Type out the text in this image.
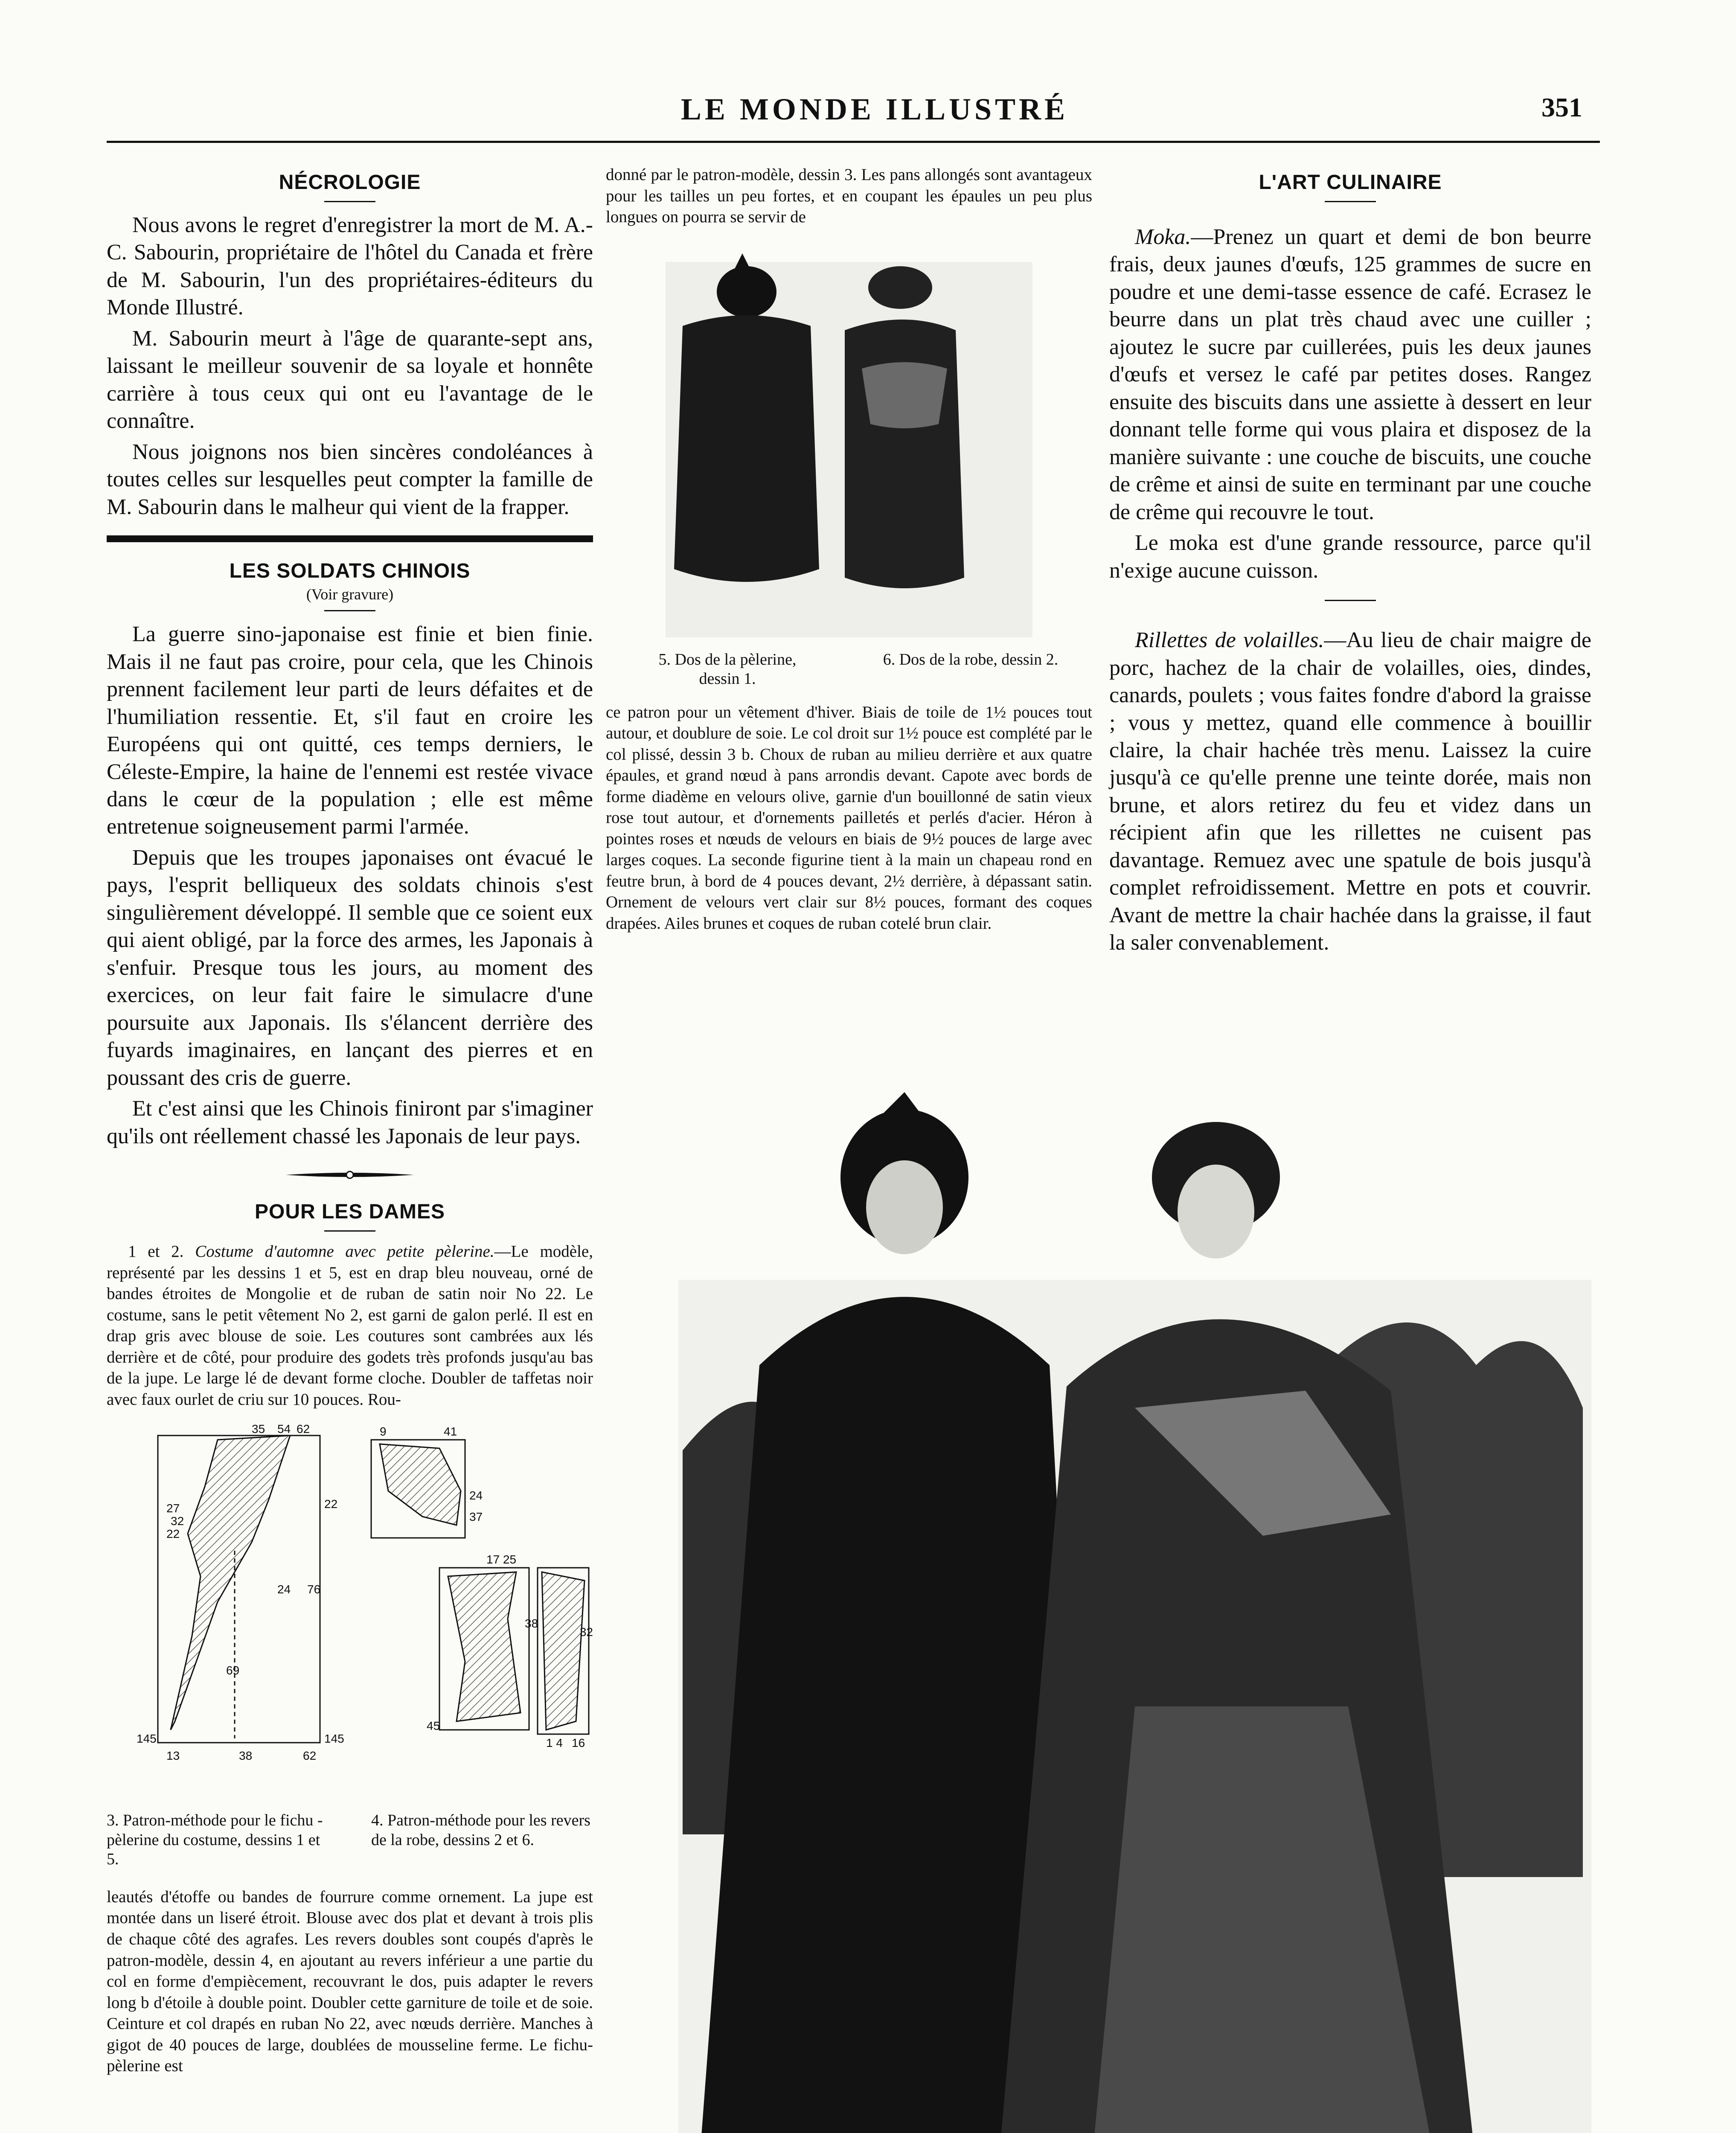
LE MONDE ILLUSTRÉ	351
NÉCROLOGIE

Nous avons le regret d'enregistrer la mort de M. A.-C. Sabourin, propriétaire de l'hôtel du Canada et frère de M. Sabourin, l'un des propriétaires-éditeurs du Monde Illustré.

M. Sabourin meurt à l'âge de quarante-sept ans, laissant le meilleur souvenir de sa loyale et honnête carrière à tous ceux qui ont eu l'avantage de le connaître.

Nous joignons nos bien sincères condoléances à toutes celles sur lesquelles peut compter la famille de M. Sabourin dans le malheur qui vient de la frapper.

LES SOLDATS CHINOIS
(Voir gravure)

La guerre sino-japonaise est finie et bien finie. Mais il ne faut pas croire, pour cela, que les Chinois prennent facilement leur parti de leurs défaites et de l'humiliation ressentie. Et, s'il faut en croire les Européens qui ont quitté, ces temps derniers, le Céleste-Empire, la haine de l'ennemi est restée vivace dans le cœur de la population ; elle est même entretenue soigneusement parmi l'armée.

Depuis que les troupes japonaises ont évacué le pays, l'esprit belliqueux des soldats chinois s'est singulièrement développé. Il semble que ce soient eux qui aient obligé, par la force des armes, les Japonais à s'enfuir. Presque tous les jours, au moment des exercices, on leur fait faire le simulacre d'une poursuite aux Japonais. Ils s'élancent derrière des fuyards imaginaires, en lançant des pierres et en poussant des cris de guerre.

Et c'est ainsi que les Chinois finiront par s'imaginer qu'ils ont réellement chassé les Japonais de leur pays.

POUR LES DAMES

1 et 2. Costume d'automne avec petite pèlerine.—Le modèle, représenté par les dessins 1 et 5, est en drap bleu nouveau, orné de bandes étroites de Mongolie et de ruban de satin noir No 22. Le costume, sans le petit vêtement No 2, est garni de galon perlé. Il est en drap gris avec blouse de soie. Les coutures sont cambrées aux lés derrière et de côté, pour produire des godets très profonds jusqu'au bas de la jupe. Le large lé de devant forme cloche. Doubler de taffetas noir avec faux ourlet de criu sur 10 pouces. Rou-

35 54 62	9	41
27
32
22
22
24
37
24 76
69
145	145
13	38	62
17 25
38
45
32
1 4 16
3. Patron-méthode pour le fichu - pèlerine du costume, dessins 1 et 5.
4. Patron-méthode pour les revers de la robe, dessins 2 et 6.

leautés d'étoffe ou bandes de fourrure comme ornement. La jupe est montée dans un liseré étroit. Blouse avec dos plat et devant à trois plis de chaque côté des agrafes. Les revers doubles sont coupés d'après le patron-modèle, dessin 4, en ajoutant au revers inférieur a une partie du col en forme d'empiècement, recouvrant le dos, puis adapter le revers long b d'étoile à double point. Doubler cette garniture de toile et de soie. Ceinture et col drapés en ruban No 22, avec nœuds derrière. Manches à gigot de 40 pouces de large, doublées de mousseline ferme. Le fichu-pèlerine est

donné par le patron-modèle, dessin 3. Les pans allongés sont avantageux pour les tailles un peu fortes, et en coupant les épaules un peu plus longues on pourra se servir de

5. Dos de la pèlerine, dessin 1.
6. Dos de la robe, dessin 2.

ce patron pour un vêtement d'hiver. Biais de toile de 1½ pouces tout autour, et doublure de soie. Le col droit sur 1½ pouce est complété par le col plissé, dessin 3 b. Choux de ruban au milieu derrière et aux quatre épaules, et grand nœud à pans arrondis devant. Capote avec bords de forme diadème en velours olive, garnie d'un bouillonné de satin vieux rose tout autour, et d'ornements pailletés et perlés d'acier. Héron à pointes roses et nœuds de velours en biais de 9½ pouces de large avec larges coques. La seconde figurine tient à la main un chapeau rond en feutre brun, à bord de 4 pouces devant, 2½ derrière, à dépassant satin. Ornement de velours vert clair sur 8½ pouces, formant des coques drapées. Ailes brunes et coques de ruban cotelé brun clair.

L'ART CULINAIRE

Moka.—Prenez un quart et demi de bon beurre frais, deux jaunes d'œufs, 125 grammes de sucre en poudre et une demi-tasse essence de café. Ecrasez le beurre dans un plat très chaud avec une cuiller ; ajoutez le sucre par cuillerées, puis les deux jaunes d'œufs et versez le café par petites doses. Rangez ensuite des biscuits dans une assiette à dessert en leur donnant telle forme qui vous plaira et disposez de la manière suivante : une couche de biscuits, une couche de crême et ainsi de suite en terminant par une couche de crême qui recouvre le tout.

Le moka est d'une grande ressource, parce qu'il n'exige aucune cuisson.

Rillettes de volailles.—Au lieu de chair maigre de porc, hachez de la chair de volailles, oies, dindes, canards, poulets ; vous faites fondre d'abord la graisse ; vous y mettez, quand elle commence à bouillir claire, la chair hachée très menu. Laissez la cuire jusqu'à ce qu'elle prenne une teinte dorée, mais non brune, et alors retirez du feu et videz dans un récipient afin que les rillettes ne cuisent pas davantage. Remuez avec une spatule de bois jusqu'à complet refroidissement. Mettre en pots et couvrir. Avant de mettre la chair hachée dans la graisse, il faut la saler convenablement.
